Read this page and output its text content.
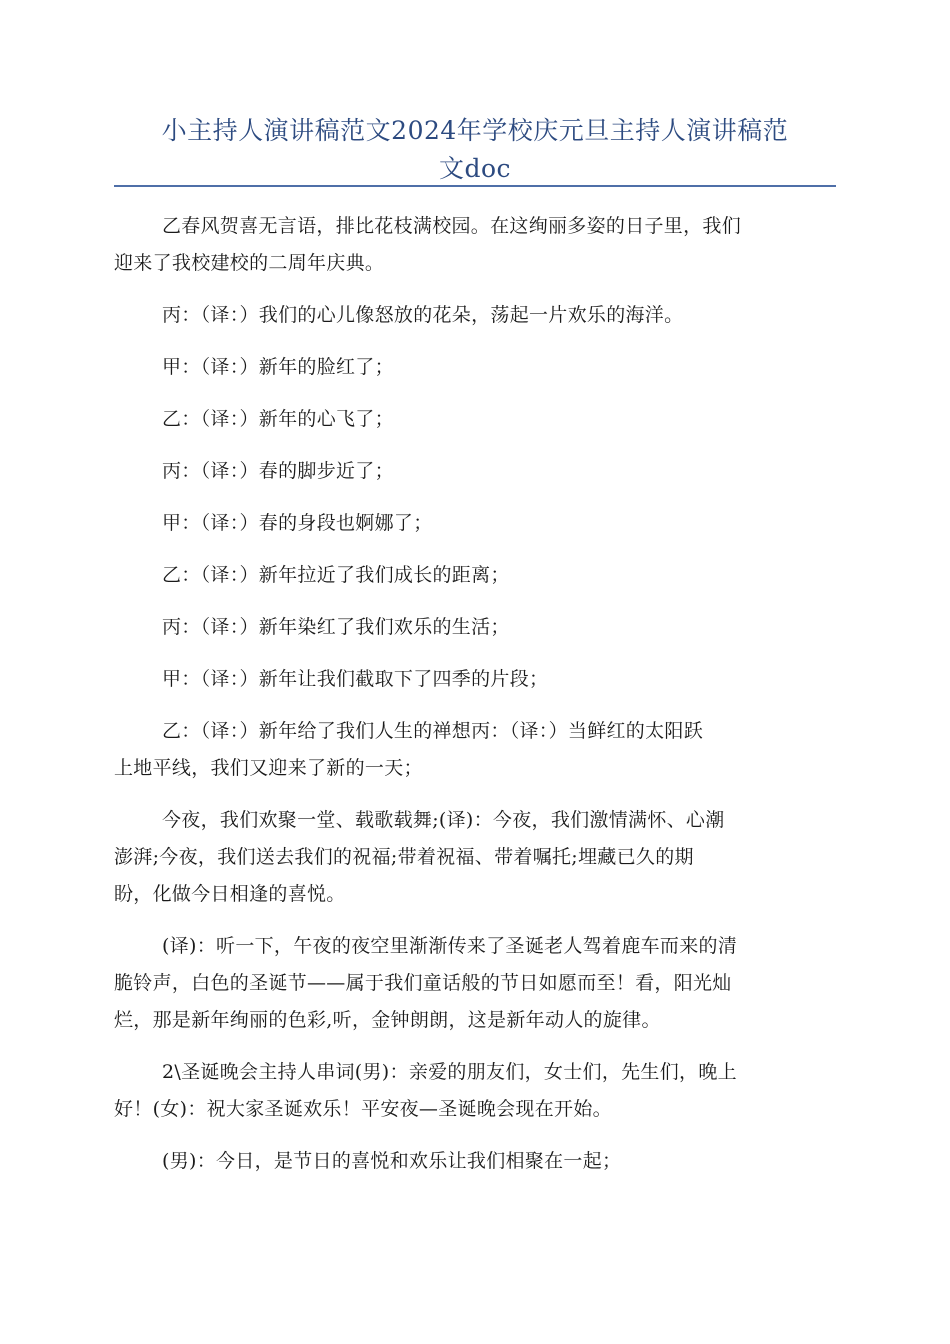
小主持人演讲稿范文2024年学校庆元旦主持人演讲稿范
文doc

乙春风贺喜无言语，排比花枝满校园。在这绚丽多姿的日子里，我们
迎来了我校建校的二周年庆典。

丙：（译：）我们的心儿像怒放的花朵，荡起一片欢乐的海洋。

甲：（译：）新年的脸红了；

乙：（译：）新年的心飞了；

丙：（译：）春的脚步近了；

甲：（译：）春的身段也婀娜了；

乙：（译：）新年拉近了我们成长的距离；

丙：（译：）新年染红了我们欢乐的生活；

甲：（译：）新年让我们截取下了四季的片段；

乙：（译：）新年给了我们人生的禅想丙：（译：）当鲜红的太阳跃
上地平线，我们又迎来了新的一天；

今夜，我们欢聚一堂、载歌载舞;(译)：今夜，我们激情满怀、心潮
澎湃;今夜，我们送去我们的祝福;带着祝福、带着嘱托;埋藏已久的期
盼，化做今日相逢的喜悦。

(译)：听一下，午夜的夜空里渐渐传来了圣诞老人驾着鹿车而来的清
脆铃声，白色的圣诞节——属于我们童话般的节日如愿而至！看，阳光灿
烂，那是新年绚丽的色彩,听，金钟朗朗，这是新年动人的旋律。

2\圣诞晚会主持人串词(男)：亲爱的朋友们，女士们，先生们，晚上
好！(女)：祝大家圣诞欢乐！平安夜—圣诞晚会现在开始。

(男)：今日，是节日的喜悦和欢乐让我们相聚在一起；
